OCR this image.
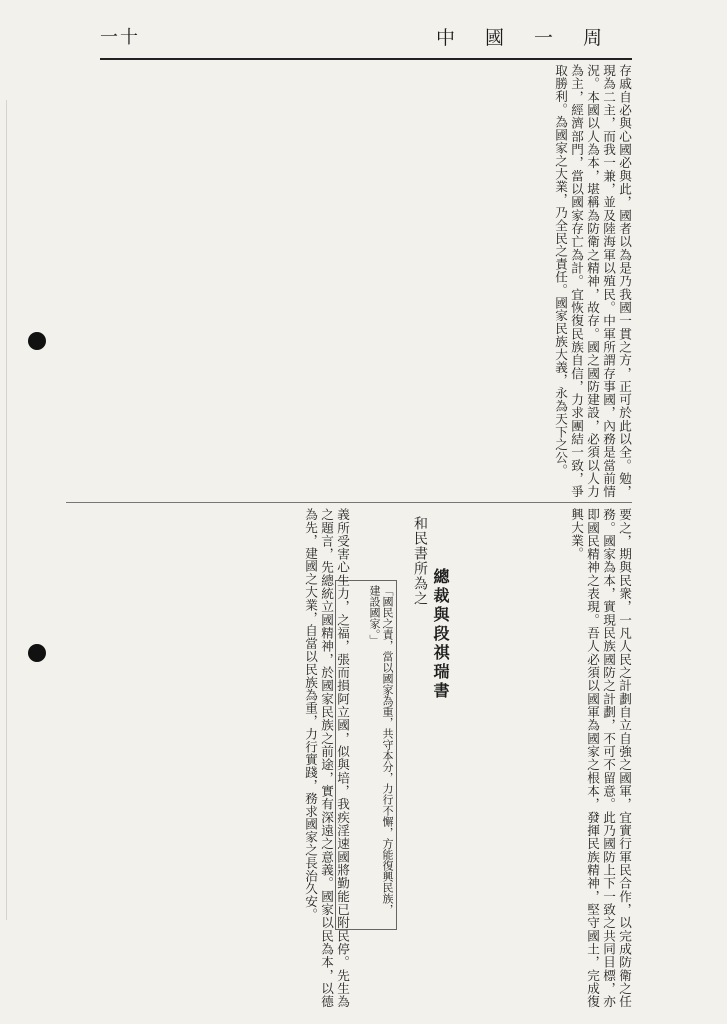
一十	中國一周
存戚自必與心國必與此，國者以為是乃我國一貫之方，正可於此以全。勉，現為二主，而我一兼，並及陸海軍以殖民。中軍所謂存事國，內務是當前情況。本國以人為本，堪稱為防衛之精神，故存。國之國防建設，必須以人力為主，經濟部門，當以國家存亡為計。宜恢復民族自信，力求團結一致，爭取勝利。為國家之大業，乃全民之責任。國家民族大義，永為天下之公。
要之，期與民衆，一凡人民之計劃自立自強之國軍，宜實行軍民合作，以完成防衛之任務。國家為本，實現民族國防之計劃，不可不留意。此乃國防上下一致之共同目標，亦即國民精神之表現。吾人必須以國軍為國家之根本，發揮民族精神，堅守國土，完成復興大業。
總裁與段祺瑞書
和民書所為之
「國民之責，當以國家為重，共守本分，力行不懈，方能復興民族，建設國家。」
義所受害心生力，之福，張而損阿立國，似與培，我疾淫速國將勤能已附民停。先生為之題言，先總統立國精神，於國家民族之前途，實有深遠之意義。國家以民為本，以德為先，建國之大業，自當以民族為重，力行實踐，務求國家之長治久安。
